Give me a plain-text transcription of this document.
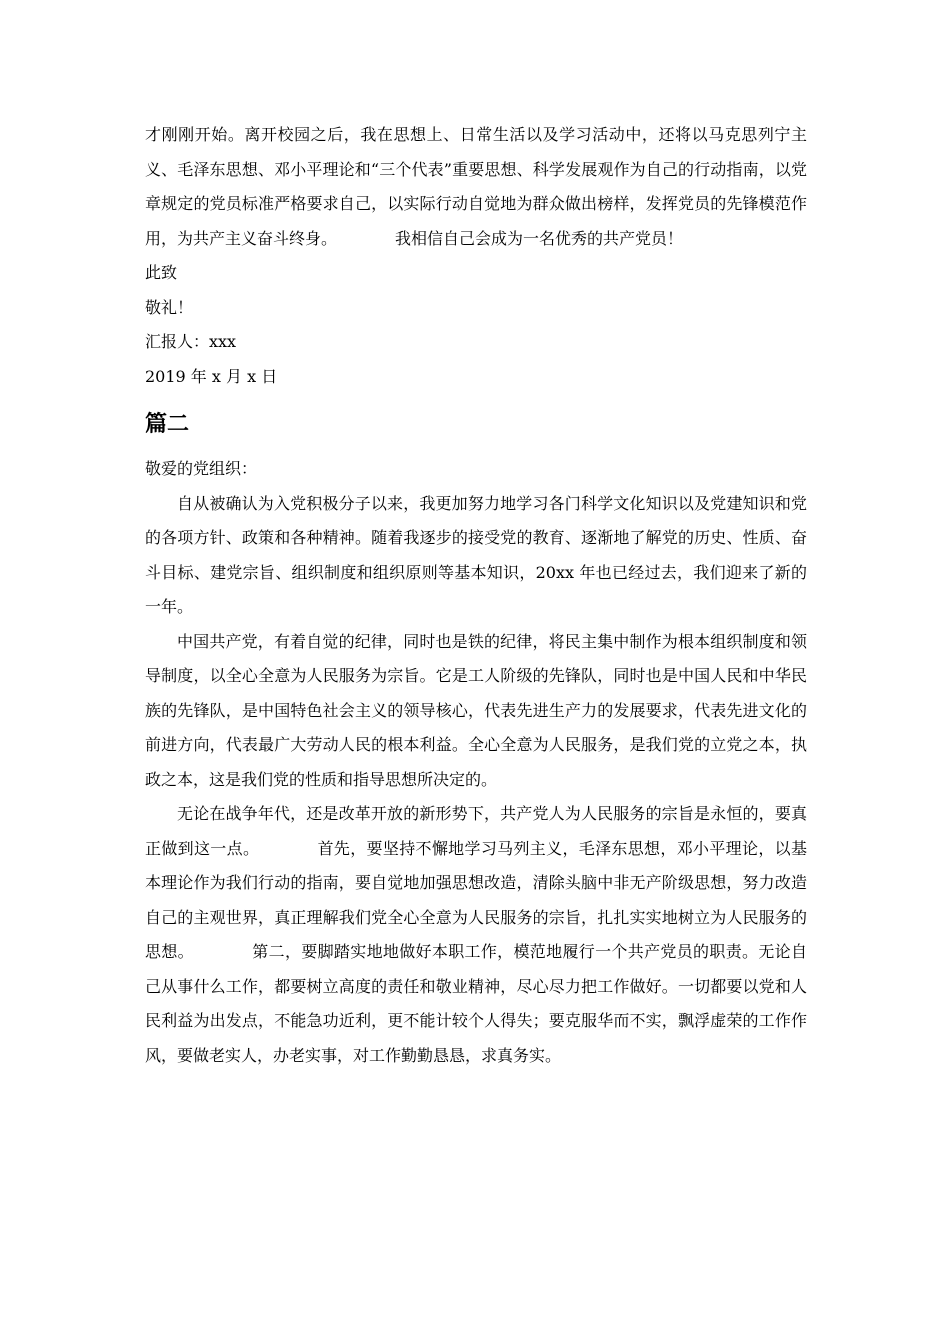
才刚刚开始。离开校园之后，我在思想上、日常生活以及学习活动中，还将以马克思列宁主义、毛泽东思想、邓小平理论和“三个代表”重要思想、科学发展观作为自己的行动指南，以党章规定的党员标准严格要求自己，以实际行动自觉地为群众做出榜样，发挥党员的先锋模范作用，为共产主义奋斗终身。	我相信自己会成为一名优秀的共产党员！

此致

敬礼！

汇报人：xxx

2019 年 x 月 x 日

篇二

敬爱的党组织：

自从被确认为入党积极分子以来，我更加努力地学习各门科学文化知识以及党建知识和党的各项方针、政策和各种精神。随着我逐步的接受党的教育、逐渐地了解党的历史、性质、奋斗目标、建党宗旨、组织制度和组织原则等基本知识，20xx 年也已经过去，我们迎来了新的一年。

中国共产党，有着自觉的纪律，同时也是铁的纪律，将民主集中制作为根本组织制度和领导制度，以全心全意为人民服务为宗旨。它是工人阶级的先锋队，同时也是中国人民和中华民族的先锋队，是中国特色社会主义的领导核心，代表先进生产力的发展要求，代表先进文化的前进方向，代表最广大劳动人民的根本利益。全心全意为人民服务，是我们党的立党之本，执政之本，这是我们党的性质和指导思想所决定的。

无论在战争年代，还是改革开放的新形势下，共产党人为人民服务的宗旨是永恒的，要真正做到这一点。	首先，要坚持不懈地学习马列主义，毛泽东思想，邓小平理论，以基本理论作为我们行动的指南，要自觉地加强思想改造，清除头脑中非无产阶级思想，努力改造自己的主观世界，真正理解我们党全心全意为人民服务的宗旨，扎扎实实地树立为人民服务的思想。	第二，要脚踏实地地做好本职工作，模范地履行一个共产党员的职责。无论自己从事什么工作，都要树立高度的责任和敬业精神，尽心尽力把工作做好。一切都要以党和人民利益为出发点，不能急功近利，更不能计较个人得失；要克服华而不实，飘浮虚荣的工作作风，要做老实人，办老实事，对工作勤勤恳恳，求真务实。
